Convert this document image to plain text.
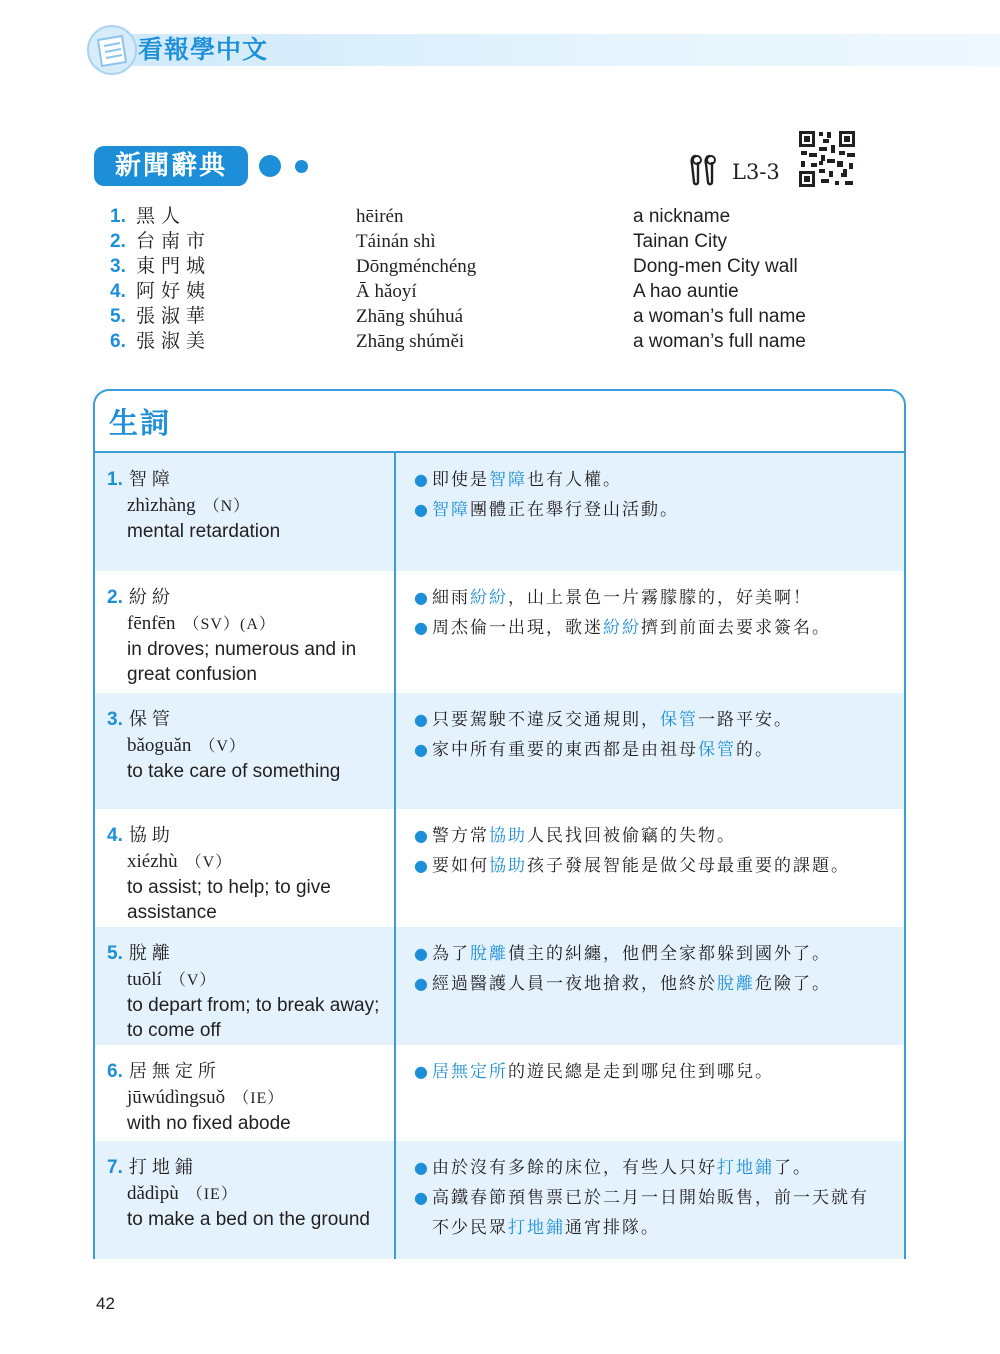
看報學中文
新聞辭典	L3-3
1. 黑人	hēirén	a nickname
2. 台南市	Táinán shì	Tainan City
3. 東門城	Dōngménchéng	Dong-men City wall
4. 阿好姨	Ā hǎoyí	A hao auntie
5. 張淑華	Zhāng shúhuá	a woman’s full name
6. 張淑美	Zhāng shúměi	a woman’s full name
生詞
1. 智障
zhìzhàng （N）
mental retardation
● 即使是智障也有人權。
● 智障團體正在舉行登山活動。
2. 紛紛
fēnfēn （SV）(A）
in droves; numerous and in great confusion
● 細雨紛紛，山上景色一片霧朦朦的，好美啊！
● 周杰倫一出現，歌迷紛紛擠到前面去要求簽名。
3. 保管
bǎoguǎn （V）
to take care of something
● 只要駕駛不違反交通規則，保管一路平安。
● 家中所有重要的東西都是由祖母保管的。
4. 協助
xiézhù （V）
to assist; to help; to give assistance
● 警方常協助人民找回被偷竊的失物。
● 要如何協助孩子發展智能是做父母最重要的課題。
5. 脫離
tuōlí （V）
to depart from; to break away; to come off
● 為了脫離債主的糾纏，他們全家都躲到國外了。
● 經過醫護人員一夜地搶救，他終於脫離危險了。
6. 居無定所
jūwúdìngsuǒ （IE）
with no fixed abode
● 居無定所的遊民總是走到哪兒住到哪兒。
7. 打地鋪
dǎdìpù （IE）
to make a bed on the ground
● 由於沒有多餘的床位，有些人只好打地鋪了。
● 高鐵春節預售票已於二月一日開始販售，前一天就有不少民眾打地鋪通宵排隊。
42
